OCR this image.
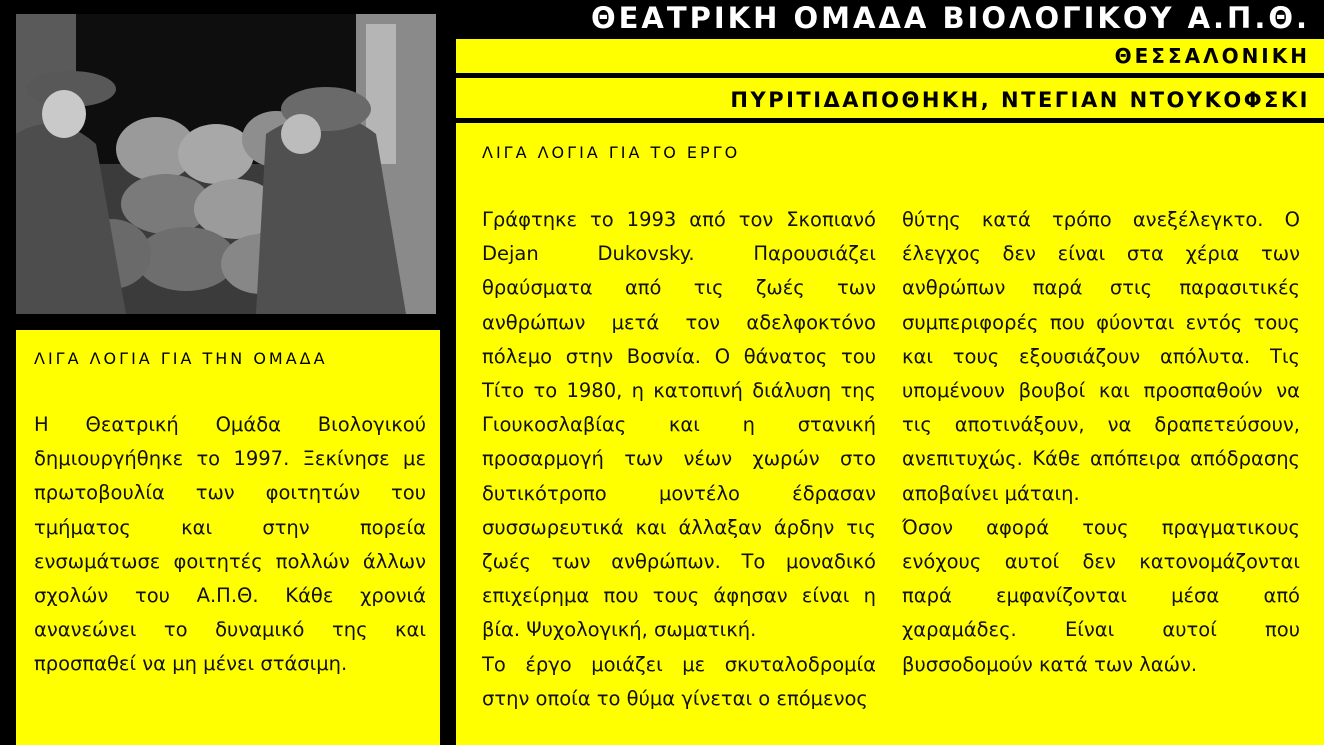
ΛΙΓΑ ΛΟΓΙΑ ΓΙΑ ΤΗΝ ΟΜΑΔΑ
Η Θεατρική Ομάδα Βιολογικού δημιουργήθηκε το 1997. Ξεκίνησε με πρωτοβουλία των φοιτητών του τμήματος και στην πορεία ενσωμάτωσε φοιτητές πολλών άλλων σχολών του Α.Π.Θ. Κάθε χρονιά ανανεώνει το δυναμικό της και προσπαθεί να μη μένει στάσιμη.
ΘΕΑΤΡΙΚΗ ΟΜΑΔΑ ΒΙΟΛΟΓΙΚΟΥ Α.Π.Θ.
ΘΕΣΣΑΛΟΝΙΚΗ
ΠΥΡΙΤΙΔΑΠΟΘΗΚΗ, ΝΤΕΓΙΑΝ ΝΤΟΥΚΟΦΣΚΙ
ΛΙΓΑ ΛΟΓΙΑ ΓΙΑ ΤΟ ΕΡΓΟ

Γράφτηκε το 1993 από τον Σκοπιανό Dejan Dukovsky. Παρουσιάζει θραύσματα από τις ζωές των ανθρώπων μετά τον αδελφοκτόνο πόλεμο στην Βοσνία. Ο θάνατος του Τίτο το 1980, η κατοπινή διάλυση της Γιουκοσλαβίας και η στανική προσαρμογή των νέων χωρών στο δυτικότροπο μοντέλο έδρασαν συσσωρευτικά και άλλαξαν άρδην τις ζωές των ανθρώπων. Το μοναδικό επιχείρημα που τους άφησαν είναι η βία. Ψυχολογική, σωματική.

Το έργο μοιάζει με σκυταλοδρομία στην οποία το θύμα γίνεται ο επόμενος

θύτης κατά τρόπο ανεξέλεγκτο. Ο έλεγχος δεν είναι στα χέρια των ανθρώπων παρά στις παρασιτικές συμπεριφορές που φύονται εντός τους και τους εξουσιάζουν απόλυτα. Τις υπομένουν βουβοί και προσπαθούν να τις αποτινάξουν, να δραπετεύσουν, ανεπιτυχώς. Κάθε απόπειρα απόδρασης αποβαίνει μάταιη.

Όσον αφορά τους πραγματικους ενόχους αυτοί δεν κατονομάζονται παρά εμφανίζονται μέσα από χαραμάδες. Είναι αυτοί που βυσσοδομούν κατά των λαών.
